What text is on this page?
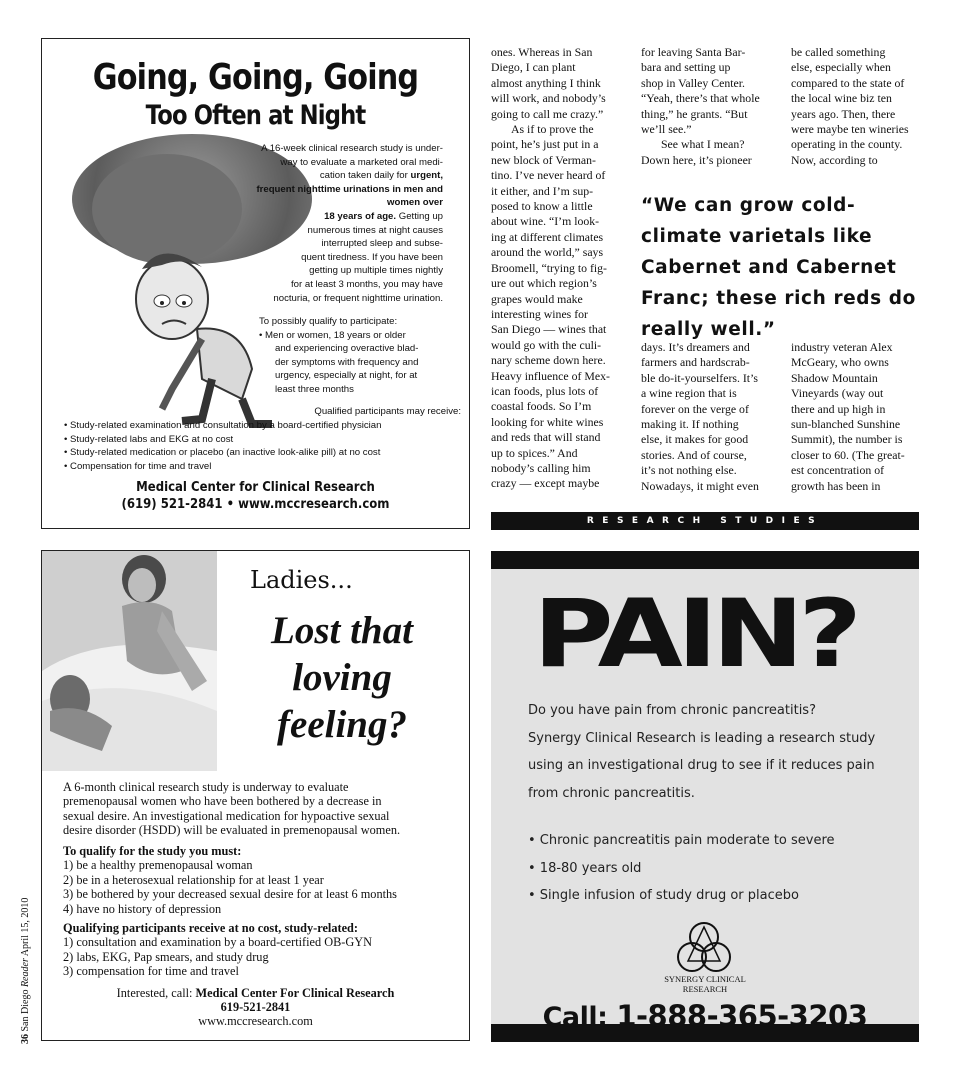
Going, Going, Going
Too Often at Night
A 16-week clinical research study is under-
way to evaluate a marketed oral medi-
cation taken daily for urgent,
frequent nighttime urinations in men and women over
18 years of age. Getting up
numerous times at night causes
interrupted sleep and subse-
quent tiredness. If you have been
getting up multiple times nightly
for at least 3 months, you may have
nocturia, or frequent nighttime urination.
To possibly qualify to participate:
• Men or women, 18 years or older
and experiencing overactive blad-
der symptoms with frequency and
urgency, especially at night, for at
least three months
Qualified participants may receive:
• Study-related examination and consultation by a board-certified physician
• Study-related labs and EKG at no cost
• Study-related medication or placebo (an inactive look-alike pill) at no cost
• Compensation for time and travel
Medical Center for Clinical Research
(619) 521-2841 • www.mccresearch.com

ones. Whereas in San

Diego, I can plant

almost anything I think

will work, and nobody’s

going to call me crazy.”

As if to prove the

point, he’s just put in a

new block of Verman-

tino. I’ve never heard of

it either, and I’m sup-

posed to know a little

about wine. “I’m look-

ing at different climates

around the world,” says

Broomell, “trying to fig-

ure out which region’s

grapes would make

interesting wines for

San Diego — wines that

would go with the culi-

nary scheme down here.

Heavy influence of Mex-

ican foods, plus lots of

coastal foods. So I’m

looking for white wines

and reds that will stand

up to spices.” And

nobody’s calling him

crazy — except maybe

for leaving Santa Bar-

bara and setting up

shop in Valley Center.

“Yeah, there’s that whole

thing,” he grants. “But

we’ll see.”

See what I mean?

Down here, it’s pioneer

be called something

else, especially when

compared to the state of

the local wine biz ten

years ago. Then, there

were maybe ten wineries

operating in the county.

Now, according to

“We can grow cold-climate varietals like Cabernet and Cabernet Franc; these rich reds do really well.”

days. It’s dreamers and

farmers and hardscrab-

ble do-it-yourselfers. It’s

a wine region that is

forever on the verge of

making it. If nothing

else, it makes for good

stories. And of course,

it’s not nothing else.

Nowadays, it might even

industry veteran Alex

McGeary, who owns

Shadow Mountain

Vineyards (way out

there and up high in

sun-blanched Sunshine

Summit), the number is

closer to 60. (The great-

est concentration of

growth has been in

RESEARCH STUDIES
Ladies...
Lost that
loving
feeling?
A 6-month clinical research study is underway to evaluate
premenopausal women who have been bothered by a decrease in
sexual desire. An investigational medication for hypoactive sexual
desire disorder (HSDD) will be evaluated in premenopausal women.
To qualify for the study you must:
1) be a healthy premenopausal woman
2) be in a heterosexual relationship for at least 1 year
3) be bothered by your decreased sexual desire for at least 6 months
4) have no history of depression
Qualifying participants receive at no cost, study-related:
1) consultation and examination by a board-certified OB-GYN
2) labs, EKG, Pap smears, and study drug
3) compensation for time and travel
Interested, call: Medical Center For Clinical Research
619-521-2841
www.mccresearch.com
PAIN?
Do you have pain from chronic pancreatitis?
Synergy Clinical Research is leading a research study
using an investigational drug to see if it reduces pain
from chronic pancreatitis.
• Chronic pancreatitis pain moderate to severe
• 18-80 years old
• Single infusion of study drug or placebo
SYNERGY CLINICAL
RESEARCH
Call: 1-888-365-3203
36 San Diego Reader April 15, 2010
